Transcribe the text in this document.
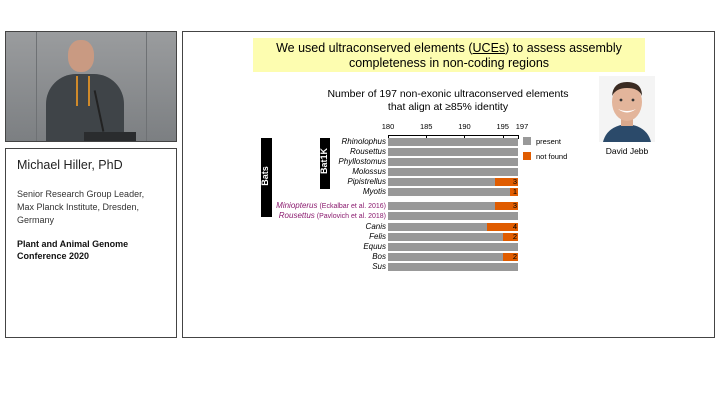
Michael Hiller, PhD
Senior Research Group Leader,
Max Planck Institute, Dresden,
Germany
Plant and Animal Genome
Conference 2020
We used ultraconserved elements (UCEs) to assess assembly
completeness in non-coding regions
Number of 197 non-exonic ultraconserved elements
that align at ≥85% identity
David Jebb
180	185	190	195 197
Bats
Bat1K
Rhinolophus
Rousettus
Phyllostomus
Molossus
Pipistrellus	3
Myotis	1
Miniopterus (Eckalbar et al. 2016)	3
Rousettus (Pavlovich et al. 2018)
Canis	4
Felis	2
Equus
Bos	2
Sus
present
not found
